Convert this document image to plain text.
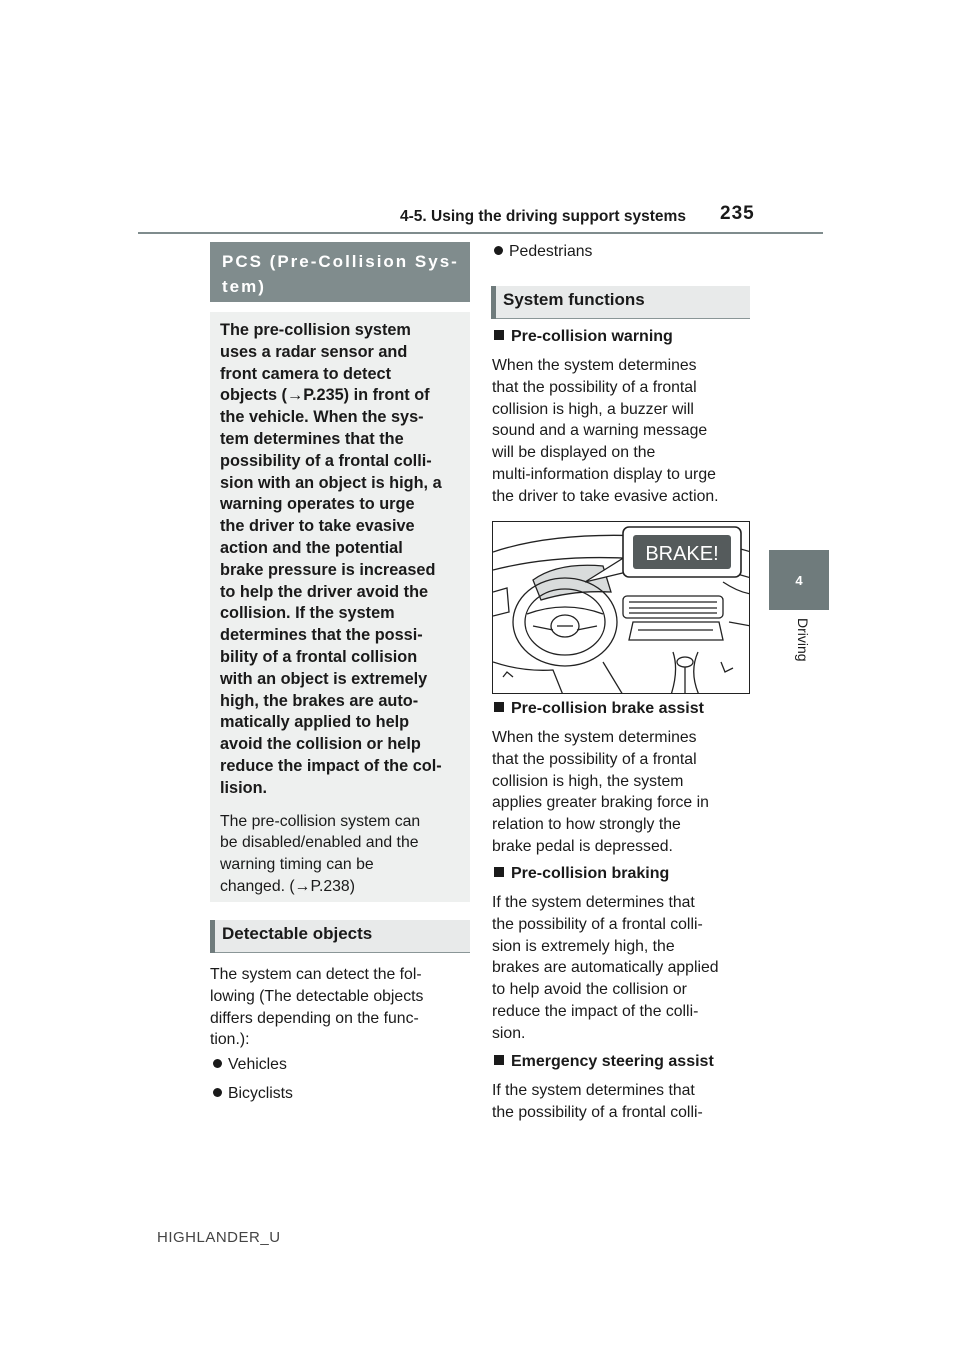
4-5. Using the driving support systems 235
4
Driving
PCS (Pre-Collision Sys-
tem)
The pre-collision system
uses a radar sensor and
front camera to detect
objects (→P.235) in front of
the vehicle. When the sys-
tem determines that the
possibility of a frontal colli-
sion with an object is high, a
warning operates to urge
the driver to take evasive
action and the potential
brake pressure is increased
to help the driver avoid the
collision. If the system
determines that the possi-
bility of a frontal collision
with an object is extremely
high, the brakes are auto-
matically applied to help
avoid the collision or help
reduce the impact of the col-
lision.
The pre-collision system can
be disabled/enabled and the
warning timing can be
changed. (→P.238)
Detectable objects
The system can detect the fol-
lowing (The detectable objects
differs depending on the func-
tion.):
Vehicles
Bicyclists
Pedestrians
System functions
Pre-collision warning
When the system determines
that the possibility of a frontal
collision is high, a buzzer will
sound and a warning message
will be displayed on the
multi-information display to urge
the driver to take evasive action.
BRAKE!
Pre-collision brake assist
When the system determines
that the possibility of a frontal
collision is high, the system
applies greater braking force in
relation to how strongly the
brake pedal is depressed.
Pre-collision braking
If the system determines that
the possibility of a frontal colli-
sion is extremely high, the
brakes are automatically applied
to help avoid the collision or
reduce the impact of the colli-
sion.
Emergency steering assist
If the system determines that
the possibility of a frontal colli-
HIGHLANDER_U
